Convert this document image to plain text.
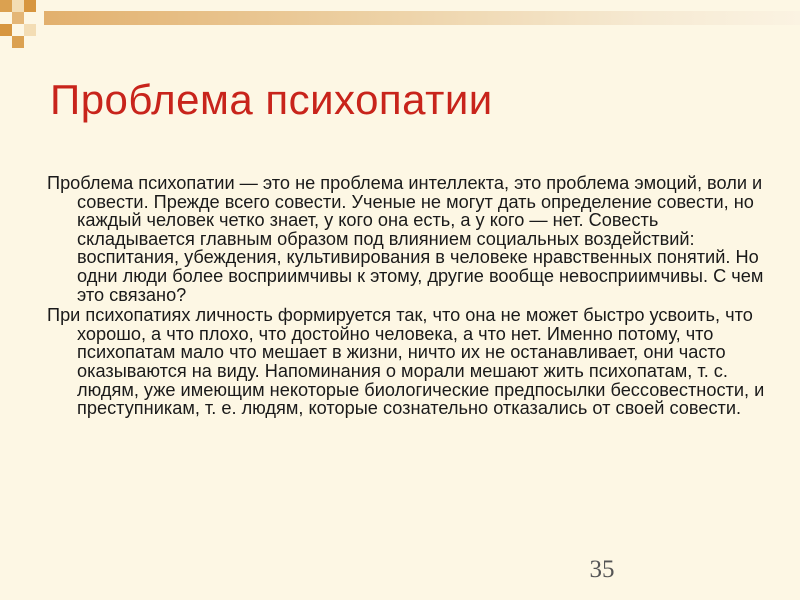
Проблема психопатии

Проблема психопатии — это не проблема интеллекта, это проблема эмоций, воли и совести. Прежде всего совести. Ученые не могут дать определение совести, но каждый человек четко знает, у кого она есть, а у кого — нет. Совесть складывается главным образом под влиянием социальных воздействий: воспитания, убеждения, культивирования в человеке нравственных понятий. Но одни люди более восприимчивы к этому, другие вообще невосприимчивы. С чем это связано?

При психопатиях личность формируется так, что она не может быстро усвоить, что хорошо, а что плохо, что достойно человека, а что нет. Именно потому, что психопатам мало что мешает в жизни, ничто их не останавливает, они часто оказываются на виду. Напоминания о морали мешают жить психопатам, т. с. людям, уже имеющим некоторые биологические предпосылки бессовестности, и преступникам, т. е. людям, которые сознательно отказались от своей совести.

35
